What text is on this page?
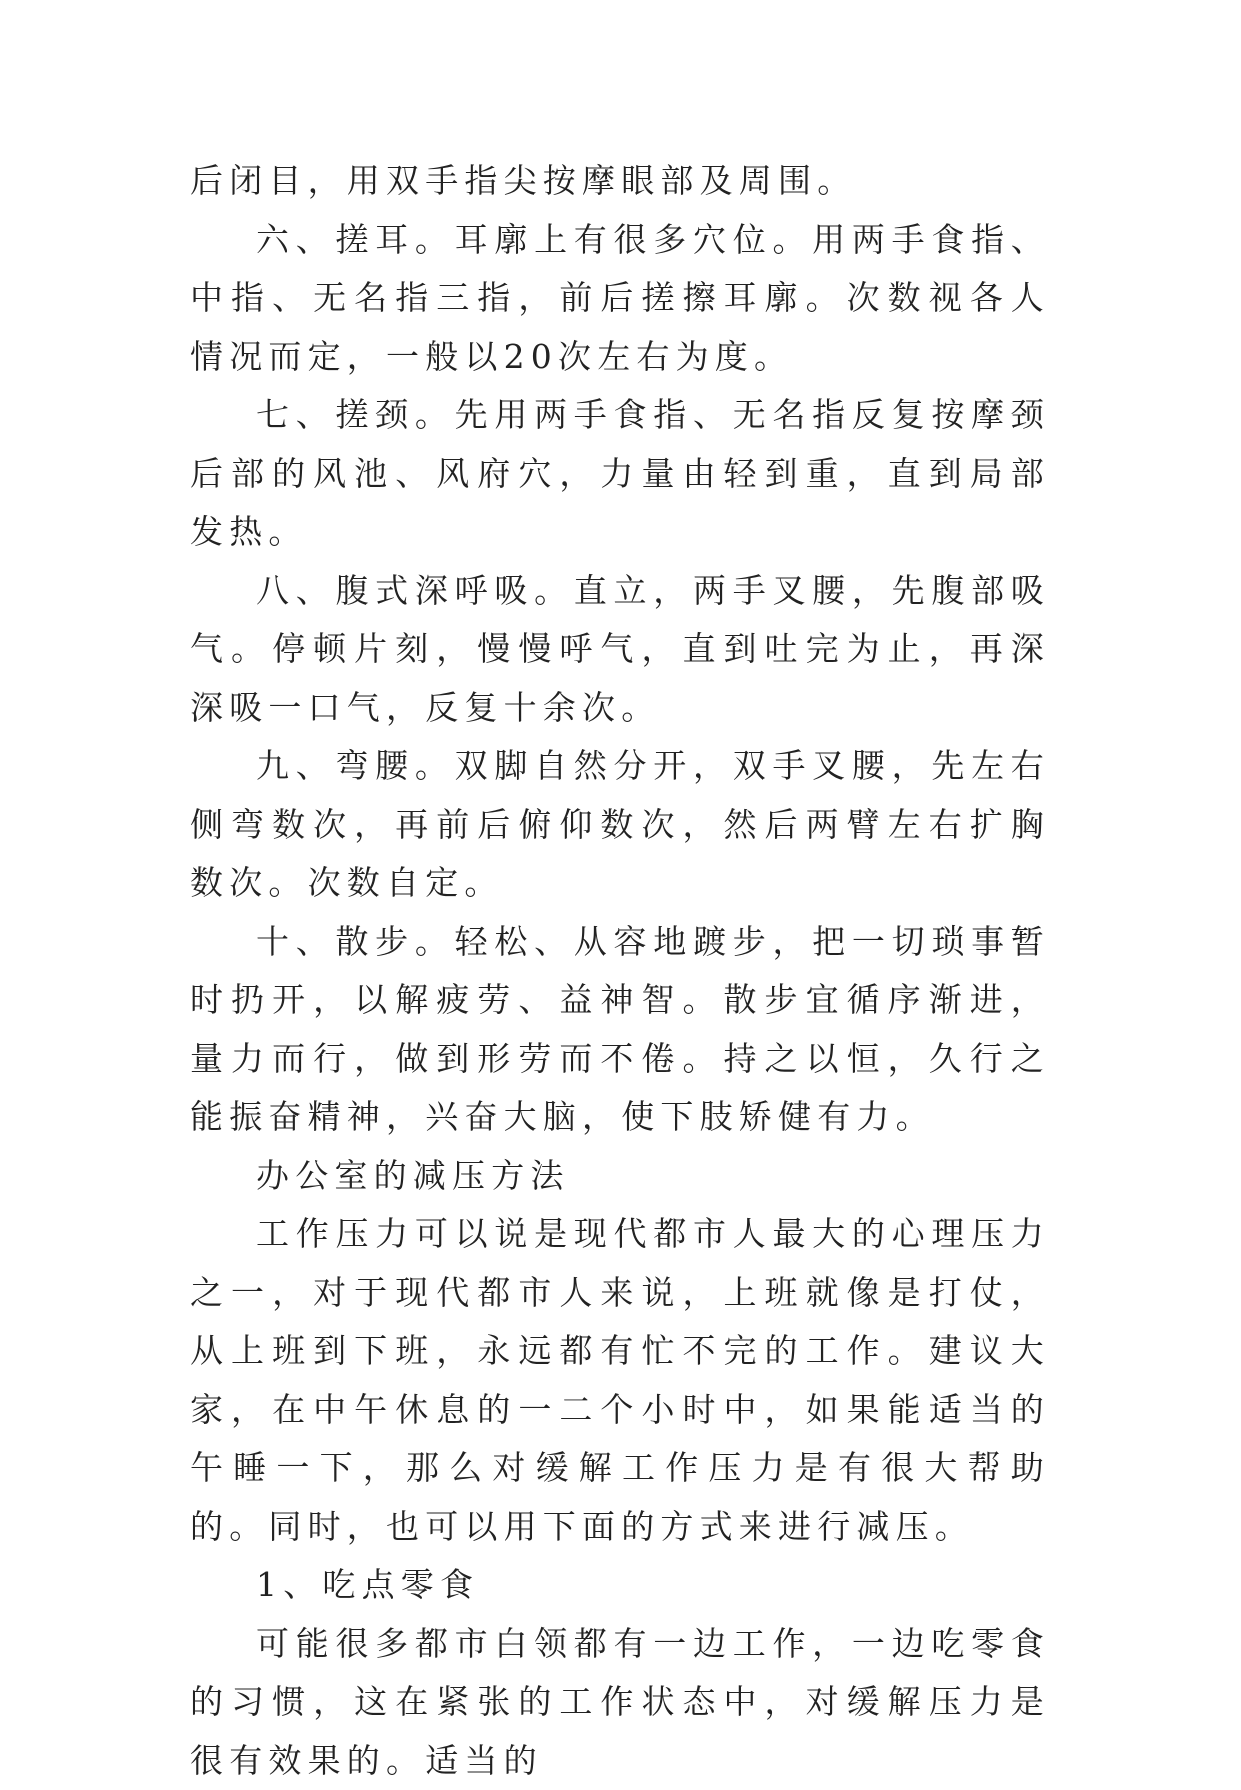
后闭目，用双手指尖按摩眼部及周围。

六、搓耳。耳廓上有很多穴位。用两手食指、中指、无名指三指，前后搓擦耳廓。次数视各人情况而定，一般以20次左右为度。

七、搓颈。先用两手食指、无名指反复按摩颈后部的风池、风府穴，力量由轻到重，直到局部发热。

八、腹式深呼吸。直立，两手叉腰，先腹部吸气。停顿片刻，慢慢呼气，直到吐完为止，再深深吸一口气，反复十余次。

九、弯腰。双脚自然分开，双手叉腰，先左右侧弯数次，再前后俯仰数次，然后两臂左右扩胸数次。次数自定。

十、散步。轻松、从容地踱步，把一切琐事暂时扔开，以解疲劳、益神智。散步宜循序渐进，量力而行，做到形劳而不倦。持之以恒，久行之能振奋精神，兴奋大脑，使下肢矫健有力。

办公室的减压方法

工作压力可以说是现代都市人最大的心理压力之一，对于现代都市人来说，上班就像是打仗，从上班到下班，永远都有忙不完的工作。建议大家，在中午休息的一二个小时中，如果能适当的午睡一下，那么对缓解工作压力是有很大帮助的。同时，也可以用下面的方式来进行减压。

1、吃点零食

可能很多都市白领都有一边工作，一边吃零食的习惯，这在紧张的工作状态中，对缓解压力是很有效果的。适当的
